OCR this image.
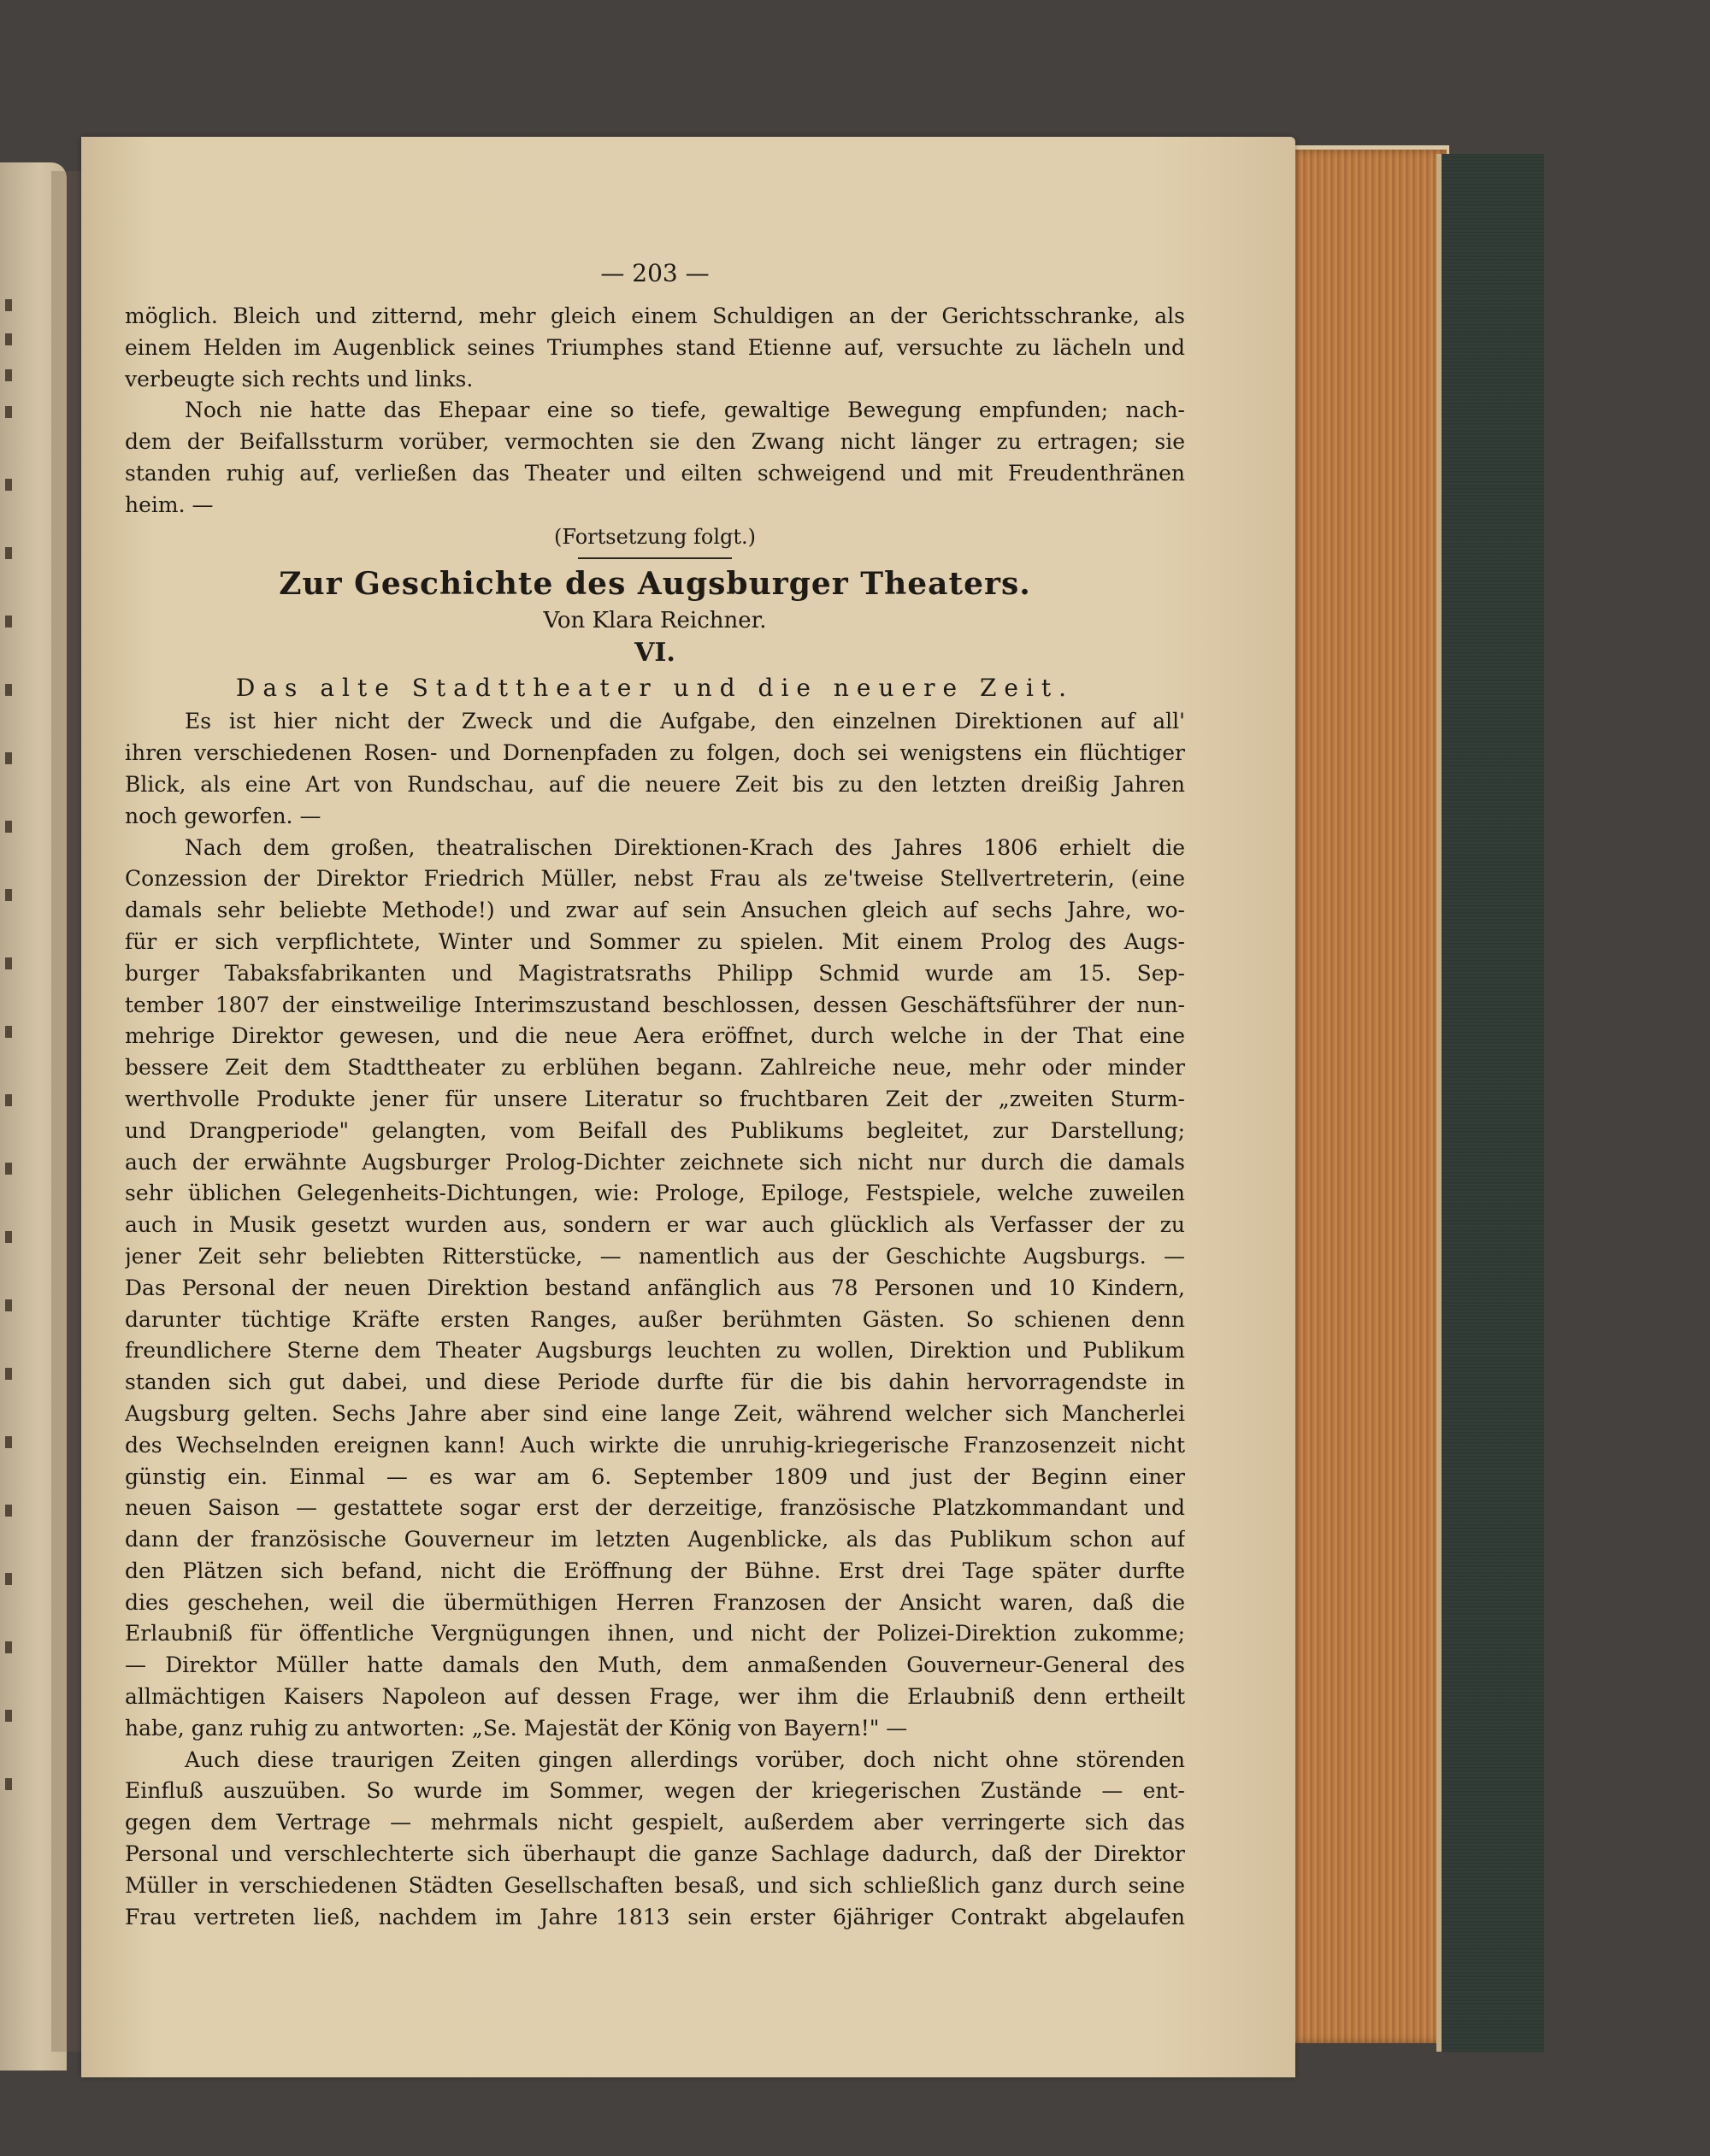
— 203 —
möglich. Bleich und zitternd, mehr gleich einem Schuldigen an der Gerichtsschranke, als
einem Helden im Augenblick seines Triumphes stand Etienne auf, versuchte zu lächeln und
verbeugte sich rechts und links.
Noch nie hatte das Ehepaar eine so tiefe, gewaltige Bewegung empfunden; nach-
dem der Beifallssturm vorüber, vermochten sie den Zwang nicht länger zu ertragen; sie
standen ruhig auf, verließen das Theater und eilten schweigend und mit Freudenthränen
heim. —
(Fortsetzung folgt.)
Zur Geschichte des Augsburger Theaters.
Von Klara Reichner.
VI.
Das alte Stadttheater und die neuere Zeit.
Es ist hier nicht der Zweck und die Aufgabe, den einzelnen Direktionen auf all'
ihren verschiedenen Rosen- und Dornenpfaden zu folgen, doch sei wenigstens ein flüchtiger
Blick, als eine Art von Rundschau, auf die neuere Zeit bis zu den letzten dreißig Jahren
noch geworfen. —
Nach dem großen, theatralischen Direktionen-Krach des Jahres 1806 erhielt die
Conzession der Direktor Friedrich Müller, nebst Frau als ze'tweise Stellvertreterin, (eine
damals sehr beliebte Methode!) und zwar auf sein Ansuchen gleich auf sechs Jahre, wo-
für er sich verpflichtete, Winter und Sommer zu spielen. Mit einem Prolog des Augs-
burger Tabaksfabrikanten und Magistratsraths Philipp Schmid wurde am 15. Sep-
tember 1807 der einstweilige Interimszustand beschlossen, dessen Geschäftsführer der nun-
mehrige Direktor gewesen, und die neue Aera eröffnet, durch welche in der That eine
bessere Zeit dem Stadttheater zu erblühen begann. Zahlreiche neue, mehr oder minder
werthvolle Produkte jener für unsere Literatur so fruchtbaren Zeit der „zweiten Sturm-
und Drangperiode" gelangten, vom Beifall des Publikums begleitet, zur Darstellung;
auch der erwähnte Augsburger Prolog-Dichter zeichnete sich nicht nur durch die damals
sehr üblichen Gelegenheits-Dichtungen, wie: Prologe, Epiloge, Festspiele, welche zuweilen
auch in Musik gesetzt wurden aus, sondern er war auch glücklich als Verfasser der zu
jener Zeit sehr beliebten Ritterstücke, — namentlich aus der Geschichte Augsburgs. —
Das Personal der neuen Direktion bestand anfänglich aus 78 Personen und 10 Kindern,
darunter tüchtige Kräfte ersten Ranges, außer berühmten Gästen. So schienen denn
freundlichere Sterne dem Theater Augsburgs leuchten zu wollen, Direktion und Publikum
standen sich gut dabei, und diese Periode durfte für die bis dahin hervorragendste in
Augsburg gelten. Sechs Jahre aber sind eine lange Zeit, während welcher sich Mancherlei
des Wechselnden ereignen kann! Auch wirkte die unruhig-kriegerische Franzosenzeit nicht
günstig ein. Einmal — es war am 6. September 1809 und just der Beginn einer
neuen Saison — gestattete sogar erst der derzeitige, französische Platzkommandant und
dann der französische Gouverneur im letzten Augenblicke, als das Publikum schon auf
den Plätzen sich befand, nicht die Eröffnung der Bühne. Erst drei Tage später durfte
dies geschehen, weil die übermüthigen Herren Franzosen der Ansicht waren, daß die
Erlaubniß für öffentliche Vergnügungen ihnen, und nicht der Polizei-Direktion zukomme;
— Direktor Müller hatte damals den Muth, dem anmaßenden Gouverneur-General des
allmächtigen Kaisers Napoleon auf dessen Frage, wer ihm die Erlaubniß denn ertheilt
habe, ganz ruhig zu antworten: „Se. Majestät der König von Bayern!" —
Auch diese traurigen Zeiten gingen allerdings vorüber, doch nicht ohne störenden
Einfluß auszuüben. So wurde im Sommer, wegen der kriegerischen Zustände — ent-
gegen dem Vertrage — mehrmals nicht gespielt, außerdem aber verringerte sich das
Personal und verschlechterte sich überhaupt die ganze Sachlage dadurch, daß der Direktor
Müller in verschiedenen Städten Gesellschaften besaß, und sich schließlich ganz durch seine
Frau vertreten ließ, nachdem im Jahre 1813 sein erster 6jähriger Contrakt abgelaufen
